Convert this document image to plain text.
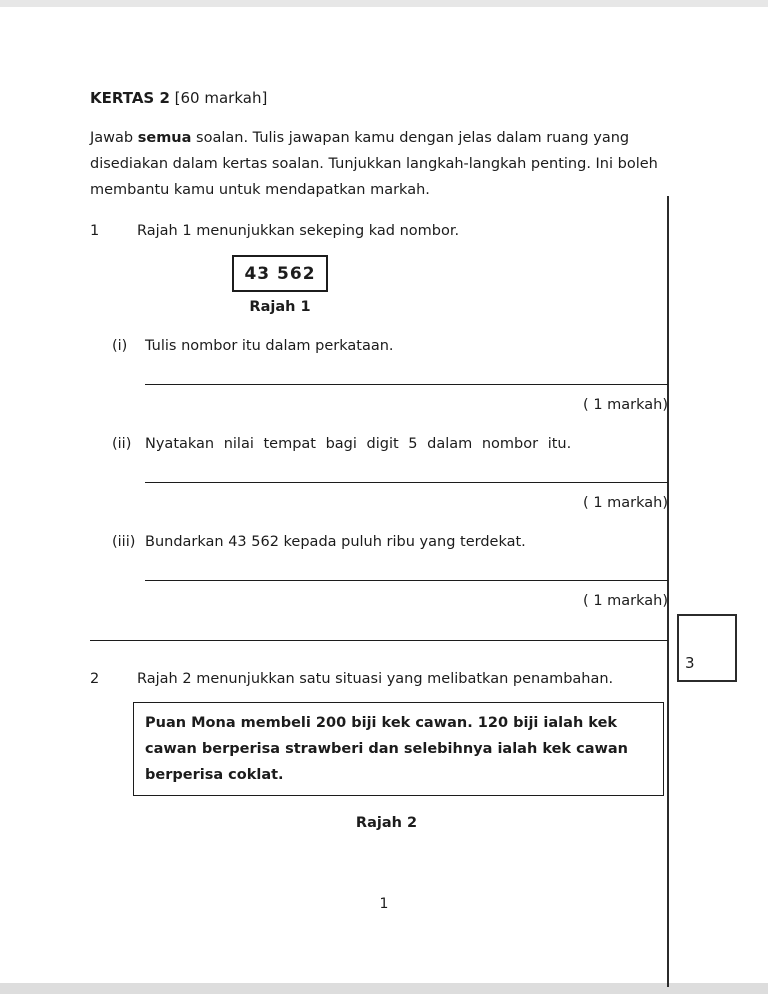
3
KERTAS 2 [60 markah]
Jawab semua soalan. Tulis jawapan kamu dengan jelas dalam ruang yang disediakan dalam kertas soalan. Tunjukkan langkah-langkah penting. Ini boleh membantu kamu untuk mendapatkan markah.
1	Rajah 1 menunjukkan sekeping kad nombor.
43 562
Rajah 1
(i)	Tulis nombor itu dalam perkataan.
( 1 markah)
(ii) Nyatakan nilai tempat bagi digit 5 dalam nombor itu.
( 1 markah)
(iii) Bundarkan 43 562 kepada puluh ribu yang terdekat.
( 1 markah)
2	Rajah 2 menunjukkan satu situasi yang melibatkan penambahan.
Puan Mona membeli 200 biji kek cawan. 120 biji ialah kek cawan berperisa strawberi dan selebihnya ialah kek cawan berperisa coklat.
Rajah 2
1
